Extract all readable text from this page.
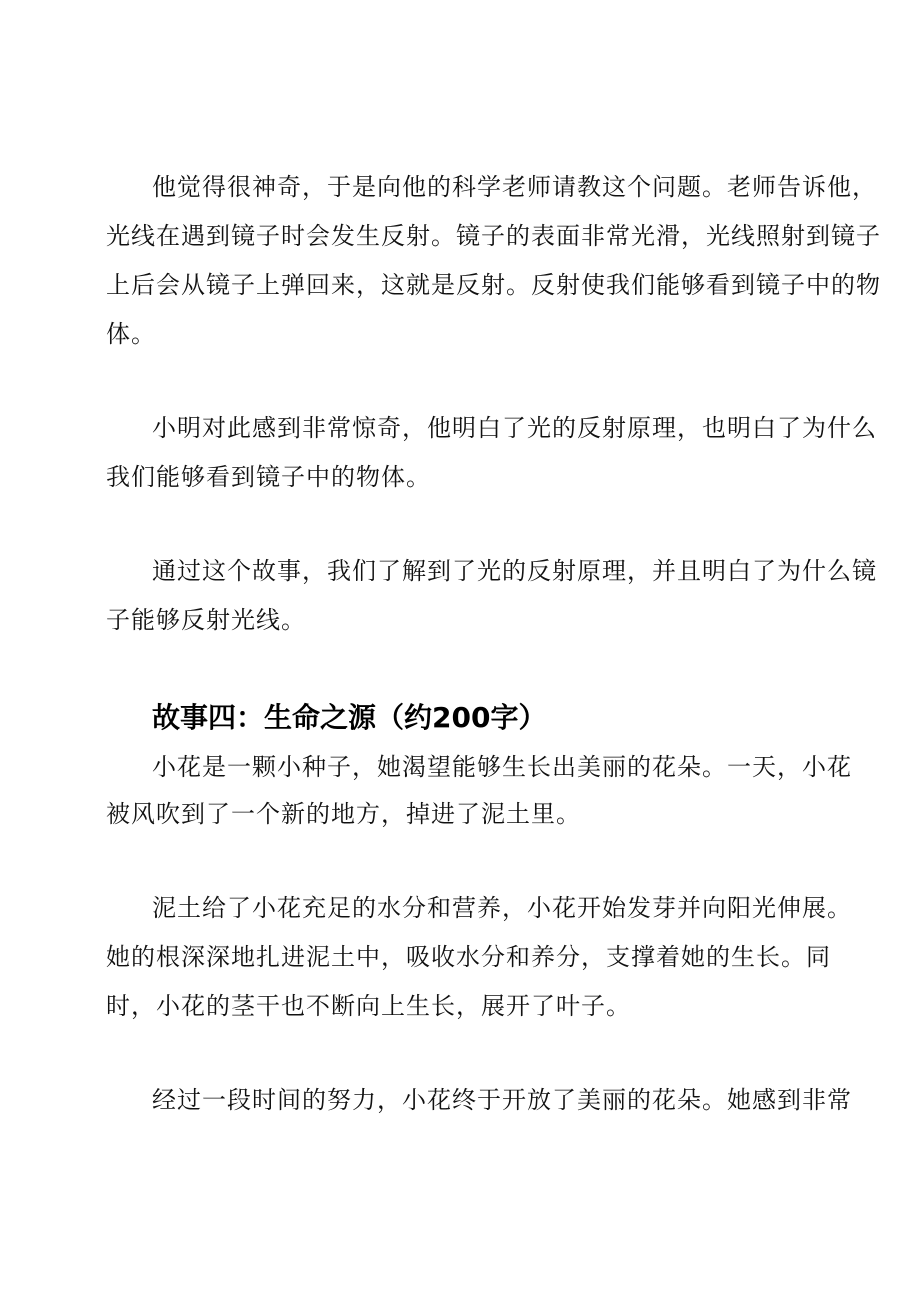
他觉得很神奇，于是向他的科学老师请教这个问题。老师告诉他，
光线在遇到镜子时会发生反射。镜子的表面非常光滑，光线照射到镜子
上后会从镜子上弹回来，这就是反射。反射使我们能够看到镜子中的物
体。
小明对此感到非常惊奇，他明白了光的反射原理，也明白了为什么
我们能够看到镜子中的物体。
通过这个故事，我们了解到了光的反射原理，并且明白了为什么镜
子能够反射光线。
故事四：生命之源（约200字）
小花是一颗小种子，她渴望能够生长出美丽的花朵。一天，小花
被风吹到了一个新的地方，掉进了泥土里。
泥土给了小花充足的水分和营养，小花开始发芽并向阳光伸展。
她的根深深地扎进泥土中，吸收水分和养分，支撑着她的生长。同
时，小花的茎干也不断向上生长，展开了叶子。
经过一段时间的努力，小花终于开放了美丽的花朵。她感到非常
